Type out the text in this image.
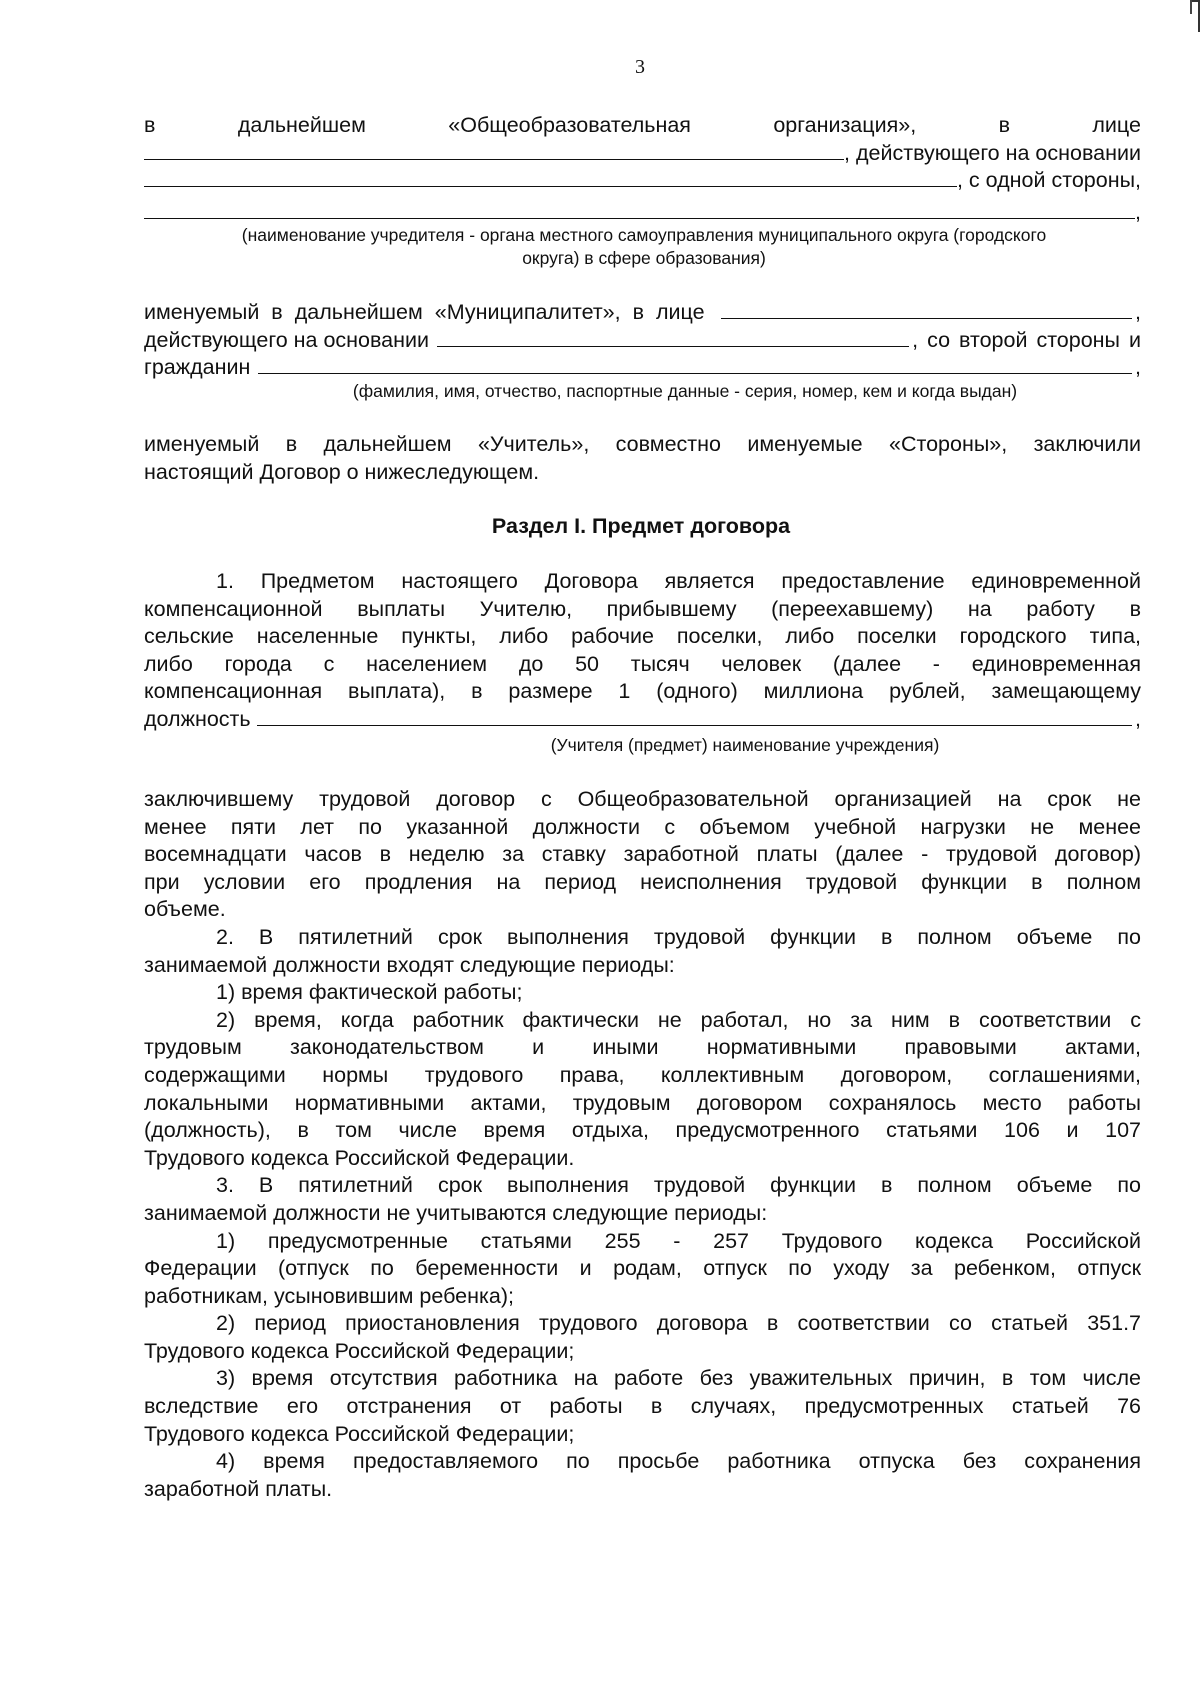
3
в	дальнейшем	«Общеобразовательная	организация»,	в	лице
, действующего на основании
, с одной стороны,
,
(наименование учредителя - органа местного самоуправления муниципального округа (городского
округа) в сфере образования)
именуемый в дальнейшем «Муниципалитет», в лице	,
действующего на основании	, со второй стороны и
гражданин	,
(фамилия, имя, отчество, паспортные данные - серия, номер, кем и когда выдан)
именуемый в дальнейшем «Учитель», совместно именуемые «Стороны», заключили
настоящий Договор о нижеследующем.
Раздел I. Предмет договора
1. Предметом настоящего Договора является предоставление единовременной
компенсационной выплаты Учителю, прибывшему (переехавшему) на работу в
сельские населенные пункты, либо рабочие поселки, либо поселки городского типа,
либо города с населением до 50 тысяч человек (далее - единовременная
компенсационная выплата), в размере 1 (одного) миллиона рублей, замещающему
должность	,
(Учителя (предмет) наименование учреждения)
заключившему трудовой договор с Общеобразовательной организацией на срок не
менее пяти лет по указанной должности с объемом учебной нагрузки не менее
восемнадцати часов в неделю за ставку заработной платы (далее - трудовой договор)
при условии его продления на период неисполнения трудовой функции в полном
объеме.
2. В пятилетний срок выполнения трудовой функции в полном объеме по
занимаемой должности входят следующие периоды:
1) время фактической работы;
2) время, когда работник фактически не работал, но за ним в соответствии с
трудовым законодательством и иными нормативными правовыми актами,
содержащими нормы трудового права, коллективным договором, соглашениями,
локальными нормативными актами, трудовым договором сохранялось место работы
(должность), в том числе время отдыха, предусмотренного статьями 106 и 107
Трудового кодекса Российской Федерации.
3. В пятилетний срок выполнения трудовой функции в полном объеме по
занимаемой должности не учитываются следующие периоды:
1) предусмотренные статьями 255 - 257 Трудового кодекса Российской
Федерации (отпуск по беременности и родам, отпуск по уходу за ребенком, отпуск
работникам, усыновившим ребенка);
2) период приостановления трудового договора в соответствии со статьей 351.7
Трудового кодекса Российской Федерации;
3) время отсутствия работника на работе без уважительных причин, в том числе
вследствие его отстранения от работы в случаях, предусмотренных статьей 76
Трудового кодекса Российской Федерации;
4) время предоставляемого по просьбе работника отпуска без сохранения
заработной платы.
